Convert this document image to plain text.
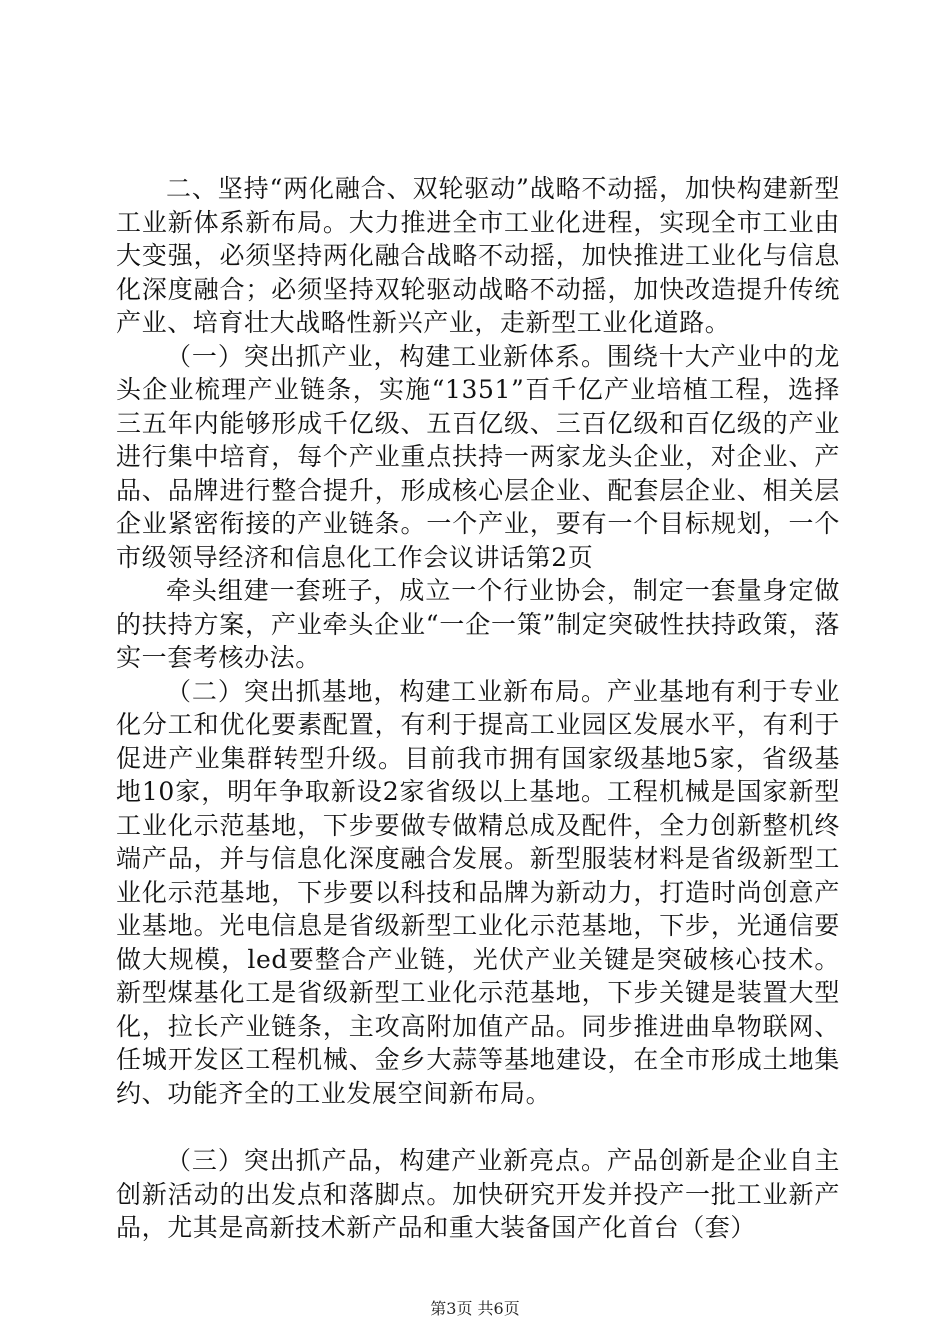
二、坚持“两化融合、双轮驱动”战略不动摇，加快构建新型工业新体系新布局。大力推进全市工业化进程，实现全市工业由大变强，必须坚持两化融合战略不动摇，加快推进工业化与信息化深度融合；必须坚持双轮驱动战略不动摇，加快改造提升传统产业、培育壮大战略性新兴产业，走新型工业化道路。

（一）突出抓产业，构建工业新体系。围绕十大产业中的龙头企业梳理产业链条，实施“1351”百千亿产业培植工程，选择三五年内能够形成千亿级、五百亿级、三百亿级和百亿级的产业进行集中培育，每个产业重点扶持一两家龙头企业，对企业、产品、品牌进行整合提升，形成核心层企业、配套层企业、相关层企业紧密衔接的产业链条。一个产业，要有一个目标规划，一个市级领导经济和信息化工作会议讲话第2页

牵头组建一套班子，成立一个行业协会，制定一套量身定做的扶持方案，产业牵头企业“一企一策”制定突破性扶持政策，落实一套考核办法。

（二）突出抓基地，构建工业新布局。产业基地有利于专业化分工和优化要素配置，有利于提高工业园区发展水平，有利于促进产业集群转型升级。目前我市拥有国家级基地5家，省级基地10家，明年争取新设2家省级以上基地。工程机械是国家新型工业化示范基地，下步要做专做精总成及配件，全力创新整机终端产品，并与信息化深度融合发展。新型服装材料是省级新型工业化示范基地，下步要以科技和品牌为新动力，打造时尚创意产业基地。光电信息是省级新型工业化示范基地，下步，光通信要做大规模，led要整合产业链，光伏产业关键是突破核心技术。新型煤基化工是省级新型工业化示范基地，下步关键是装置大型化，拉长产业链条，主攻高附加值产品。同步推进曲阜物联网、任城开发区工程机械、金乡大蒜等基地建设，在全市形成土地集约、功能齐全的工业发展空间新布局。

（三）突出抓产品，构建产业新亮点。产品创新是企业自主创新活动的出发点和落脚点。加快研究开发并投产一批工业新产品，尤其是高新技术新产品和重大装备国产化首台（套）

第3页 共6页
